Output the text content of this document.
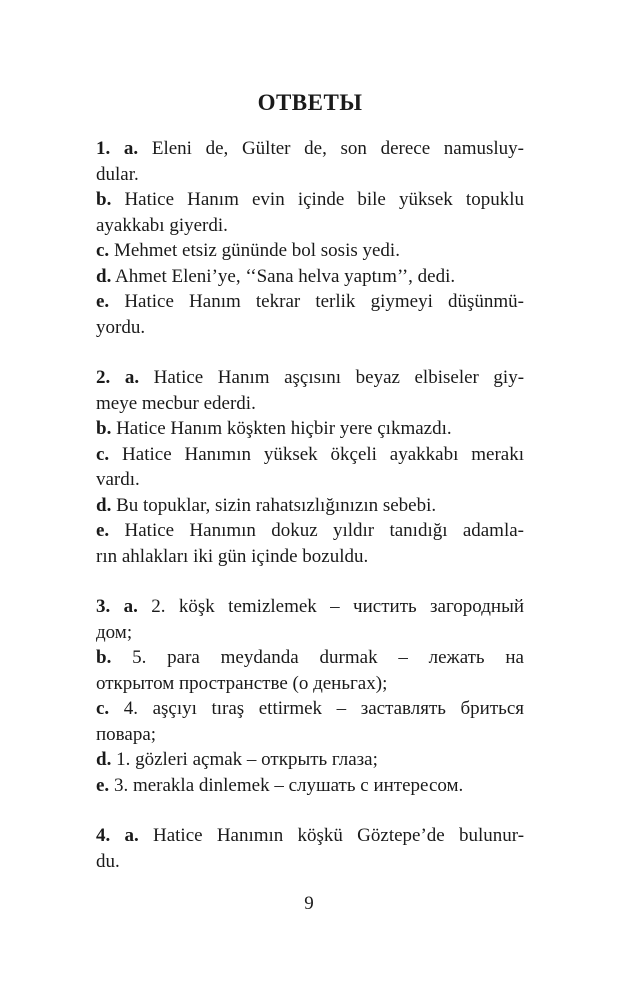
ОТВЕТЫ
1. a. Eleni de, Gülter de, son derece namusluy-
dular.
b. Hatice Hanım evin içinde bile yüksek topuklu
ayakkabı giyerdi.
c. Mehmet etsiz gününde bol sosis yedi.
d. Ahmet Eleni’ye, ‘‘Sana helva yaptım’’, dedi.
e. Hatice Hanım tekrar terlik giymeyi düşünmü-
yordu.
2. a. Hatice Hanım aşçısını beyaz elbiseler giy-
meye mecbur ederdi.
b. Hatice Hanım köşkten hiçbir yere çıkmazdı.
c. Hatice Hanımın yüksek ökçeli ayakkabı merakı
vardı.
d. Bu topuklar, sizin rahatsızlığınızın sebebi.
e. Hatice Hanımın dokuz yıldır tanıdığı adamla-
rın ahlakları iki gün içinde bozuldu.
3. a. 2. köşk temizlemek – чистить загородный
дом;
b. 5. para meydanda durmak – лежать на
открытом пространстве (о деньгах);
c. 4. aşçıyı tıraş ettirmek – заставлять бриться
повара;
d. 1. gözleri açmak – открыть глаза;
e. 3. merakla dinlemek – слушать с интересом.
4. a. Hatice Hanımın köşkü Göztepe’de bulunur-
du.
9
